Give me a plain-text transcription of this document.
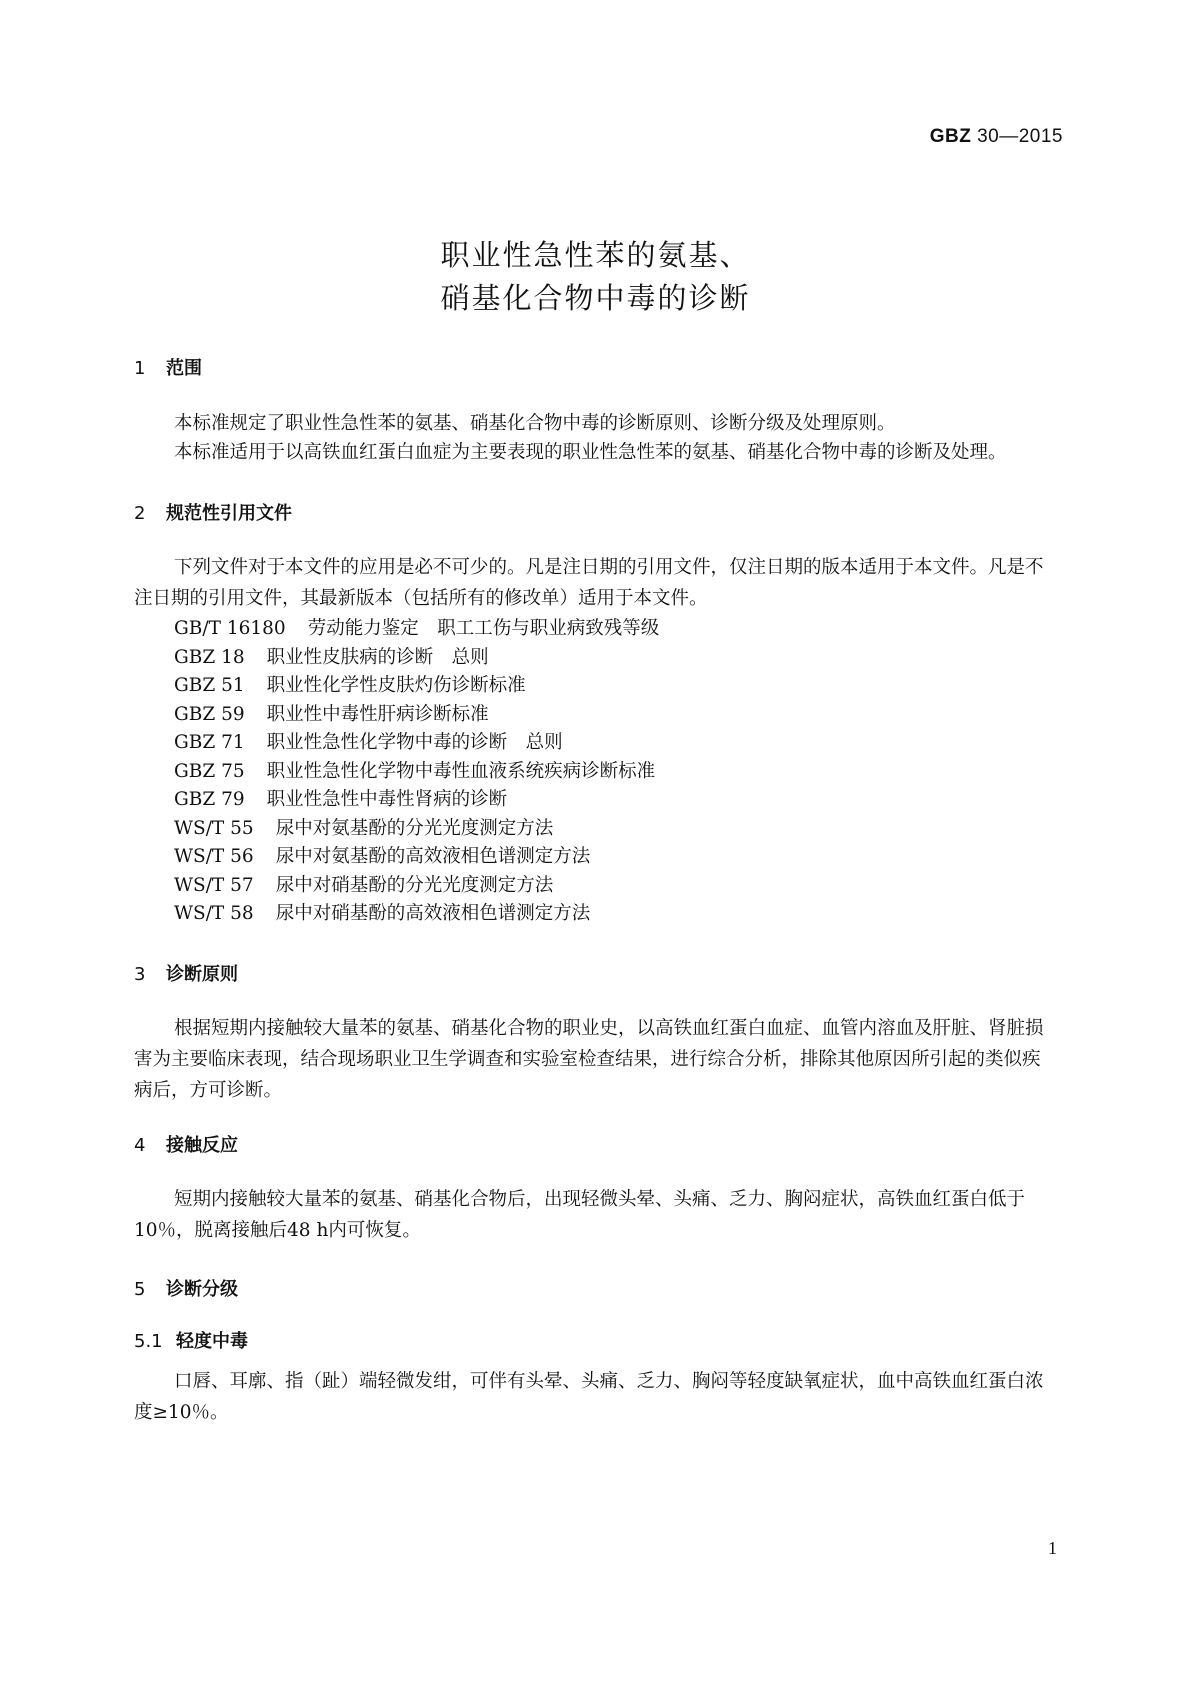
GBZ 30—2015
职业性急性苯的氨基、
硝基化合物中毒的诊断
1 范围
本标准规定了职业性急性苯的氨基、硝基化合物中毒的诊断原则、诊断分级及处理原则。
本标准适用于以高铁血红蛋白血症为主要表现的职业性急性苯的氨基、硝基化合物中毒的诊断及处理。
2 规范性引用文件
下列文件对于本文件的应用是必不可少的。凡是注日期的引用文件，仅注日期的版本适用于本文件。凡是不注日期的引用文件，其最新版本（包括所有的修改单）适用于本文件。
GB/T 16180 劳动能力鉴定　职工工伤与职业病致残等级
GBZ 18 职业性皮肤病的诊断　总则
GBZ 51 职业性化学性皮肤灼伤诊断标准
GBZ 59 职业性中毒性肝病诊断标准
GBZ 71 职业性急性化学物中毒的诊断　总则
GBZ 75 职业性急性化学物中毒性血液系统疾病诊断标准
GBZ 79 职业性急性中毒性肾病的诊断
WS/T 55 尿中对氨基酚的分光光度测定方法
WS/T 56 尿中对氨基酚的高效液相色谱测定方法
WS/T 57 尿中对硝基酚的分光光度测定方法
WS/T 58 尿中对硝基酚的高效液相色谱测定方法
3 诊断原则
根据短期内接触较大量苯的氨基、硝基化合物的职业史，以高铁血红蛋白血症、血管内溶血及肝脏、肾脏损害为主要临床表现，结合现场职业卫生学调查和实验室检查结果，进行综合分析，排除其他原因所引起的类似疾病后，方可诊断。
4 接触反应
短期内接触较大量苯的氨基、硝基化合物后，出现轻微头晕、头痛、乏力、胸闷症状，高铁血红蛋白低于10％，脱离接触后48 h内可恢复。
5 诊断分级
5.1 轻度中毒
口唇、耳廓、指（趾）端轻微发绀，可伴有头晕、头痛、乏力、胸闷等轻度缺氧症状，血中高铁血红蛋白浓度≥10％。
1
